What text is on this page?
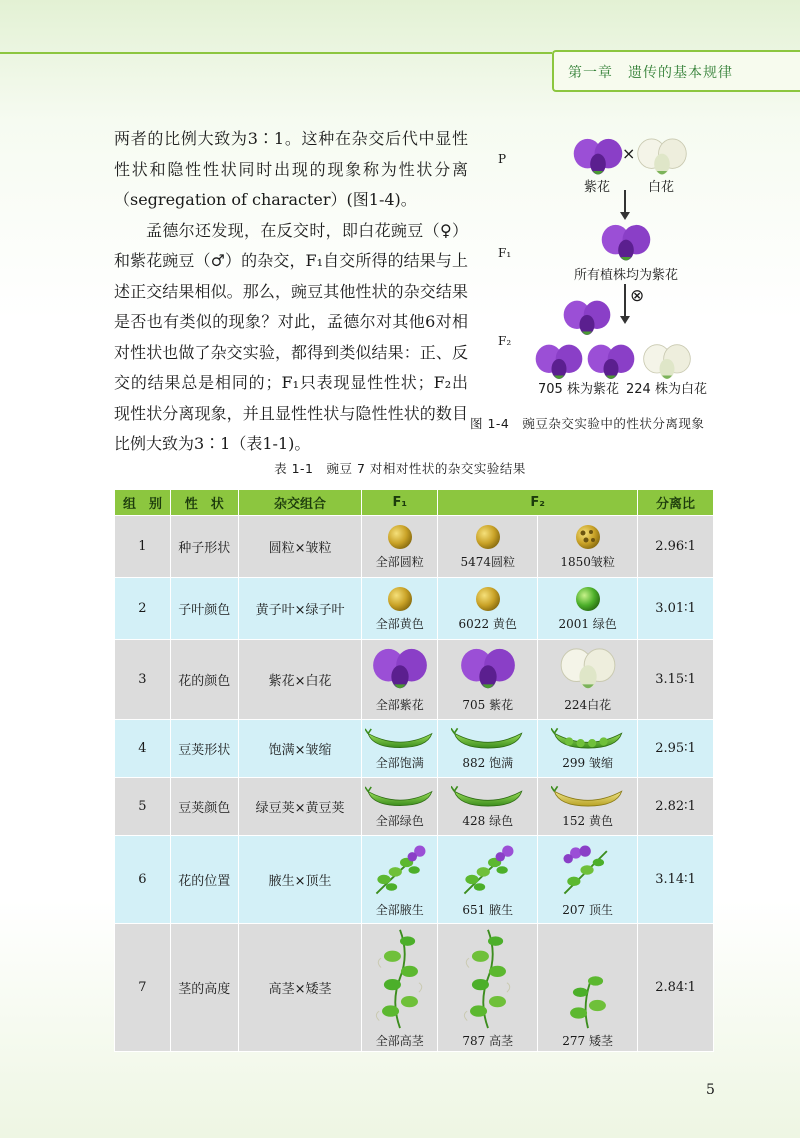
第一章　遗传的基本规律

两者的比例大致为3∶1。这种在杂交后代中显性性状和隐性性状同时出现的现象称为性状分离（segregation of character）(图1-4)。

孟德尔还发现，在反交时，即白花豌豆（♀）和紫花豌豆（♂）的杂交，F₁自交所得的结果与上述正交结果相似。那么，豌豆其他性状的杂交结果是否也有类似的现象？对此，孟德尔对其他6对相对性状也做了杂交实验，都得到类似结果：正、反交的结果总是相同的；F₁只表现显性性状；F₂出现性状分离现象，并且显性性状与隐性性状的数目比例大致为3∶1（表1-1)。

P
F₁
F₂
×
紫花	白花
所有植株均为紫花
⊗
705 株为紫花 224 株为白花
图 1-4　豌豆杂交实验中的性状分离现象
表 1-1　豌豆 7 对相对性状的杂交实验结果
组　别	性　状	杂交组合	F₁	F₂		分离比
1	种子形状	圆粒×皱粒	全部圆粒	5474圆粒	1850皱粒	2.96∶1
2	子叶颜色	黄子叶×绿子叶	全部黄色	6022 黄色	2001 绿色	3.01∶1
3	花的颜色	紫花×白花	全部紫花	705 紫花	224白花	3.15∶1
4	豆荚形状	饱满×皱缩	全部饱满	882 饱满	299 皱缩	2.95∶1
5	豆荚颜色	绿豆荚×黄豆荚	全部绿色	428 绿色	152 黄色	2.82∶1
6	花的位置	腋生×顶生	全部腋生	651 腋生	207 顶生	3.14∶1
7	茎的高度	高茎×矮茎	全部高茎	787 高茎	277 矮茎	2.84∶1
5
